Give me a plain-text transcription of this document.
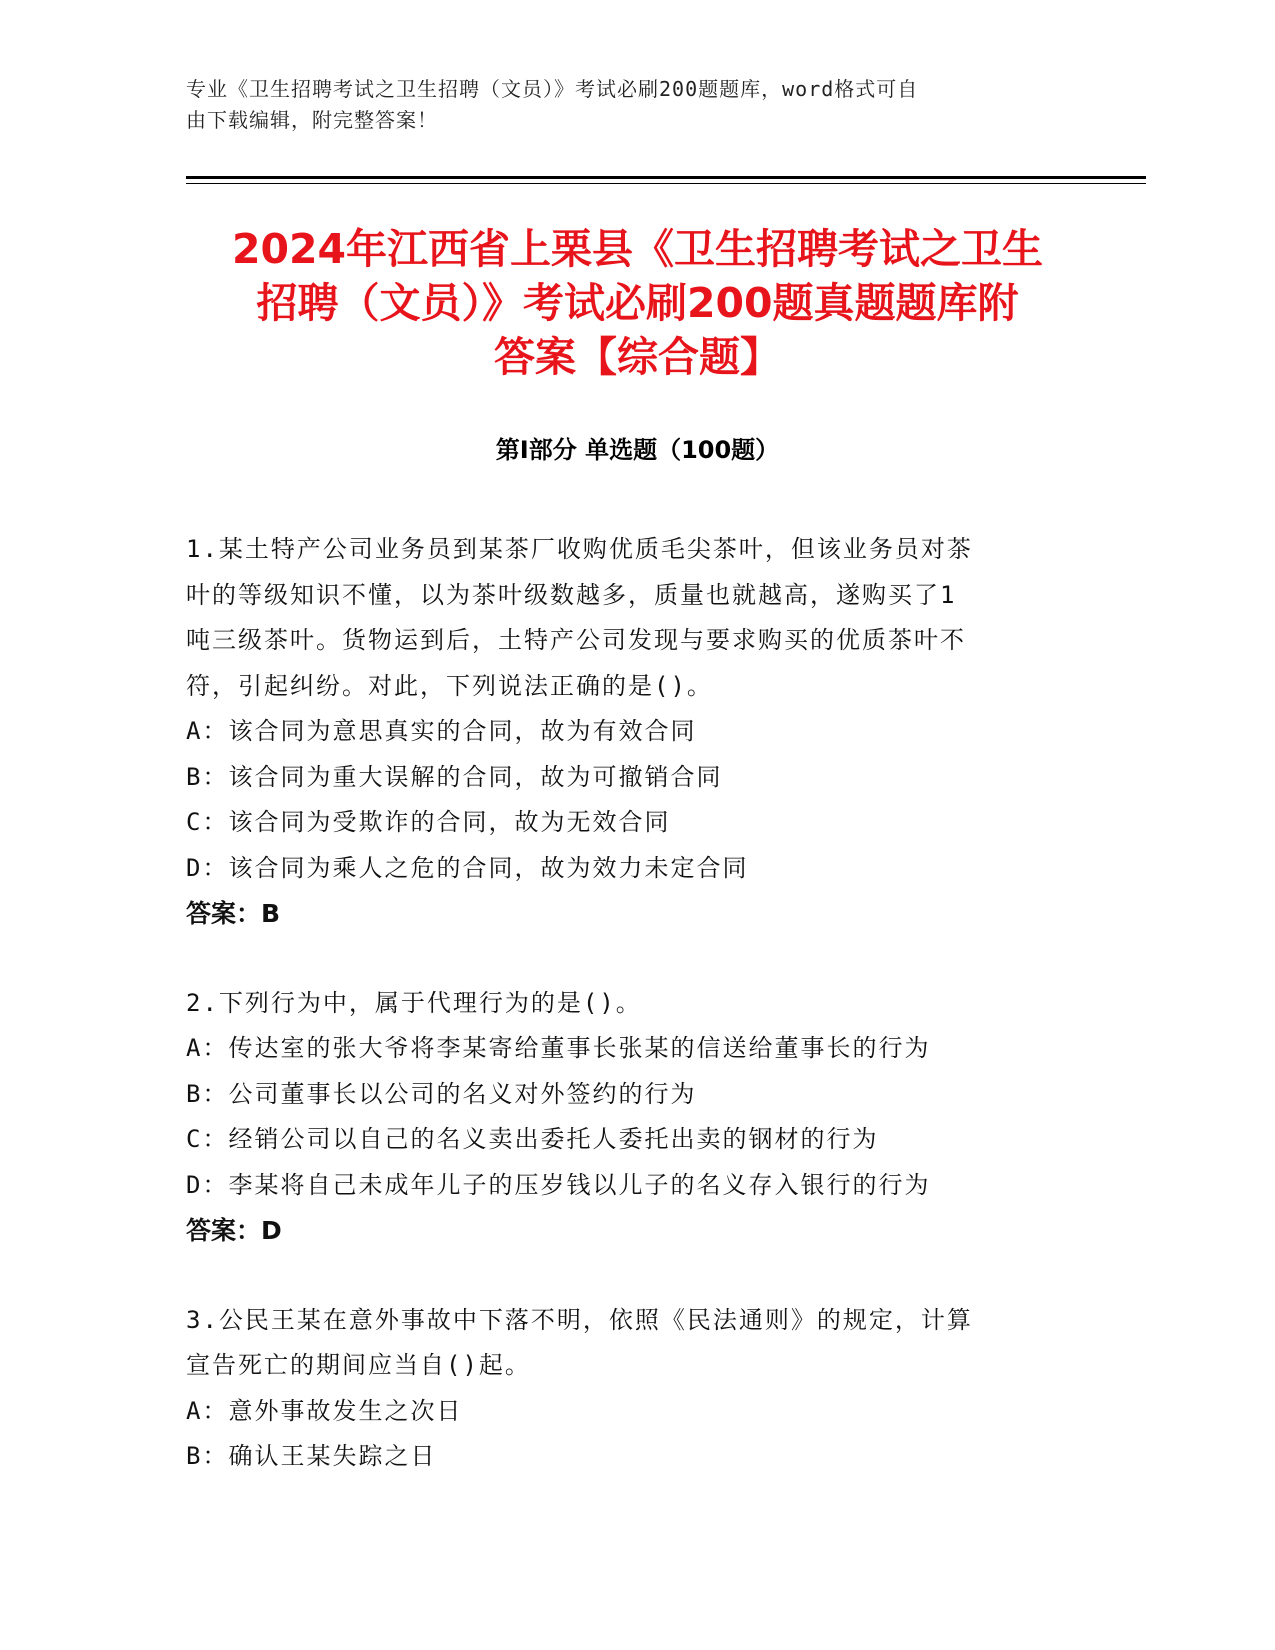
专业《卫生招聘考试之卫生招聘（文员）》考试必刷200题题库，word格式可自
由下载编辑，附完整答案！
2024年江西省上栗县《卫生招聘考试之卫生
招聘（文员）》考试必刷200题真题题库附
答案【综合题】
第Ⅰ部分 单选题（100题）
1.某土特产公司业务员到某茶厂收购优质毛尖茶叶，但该业务员对茶
叶的等级知识不懂，以为茶叶级数越多，质量也就越高，遂购买了1
吨三级茶叶。货物运到后，土特产公司发现与要求购买的优质茶叶不
符，引起纠纷。对此，下列说法正确的是()。
A：该合同为意思真实的合同，故为有效合同
B：该合同为重大误解的合同，故为可撤销合同
C：该合同为受欺诈的合同，故为无效合同
D：该合同为乘人之危的合同，故为效力未定合同
答案：B
2.下列行为中，属于代理行为的是()。
A：传达室的张大爷将李某寄给董事长张某的信送给董事长的行为
B：公司董事长以公司的名义对外签约的行为
C：经销公司以自己的名义卖出委托人委托出卖的钢材的行为
D：李某将自己未成年儿子的压岁钱以儿子的名义存入银行的行为
答案：D
3.公民王某在意外事故中下落不明，依照《民法通则》的规定，计算
宣告死亡的期间应当自()起。
A：意外事故发生之次日
B：确认王某失踪之日
